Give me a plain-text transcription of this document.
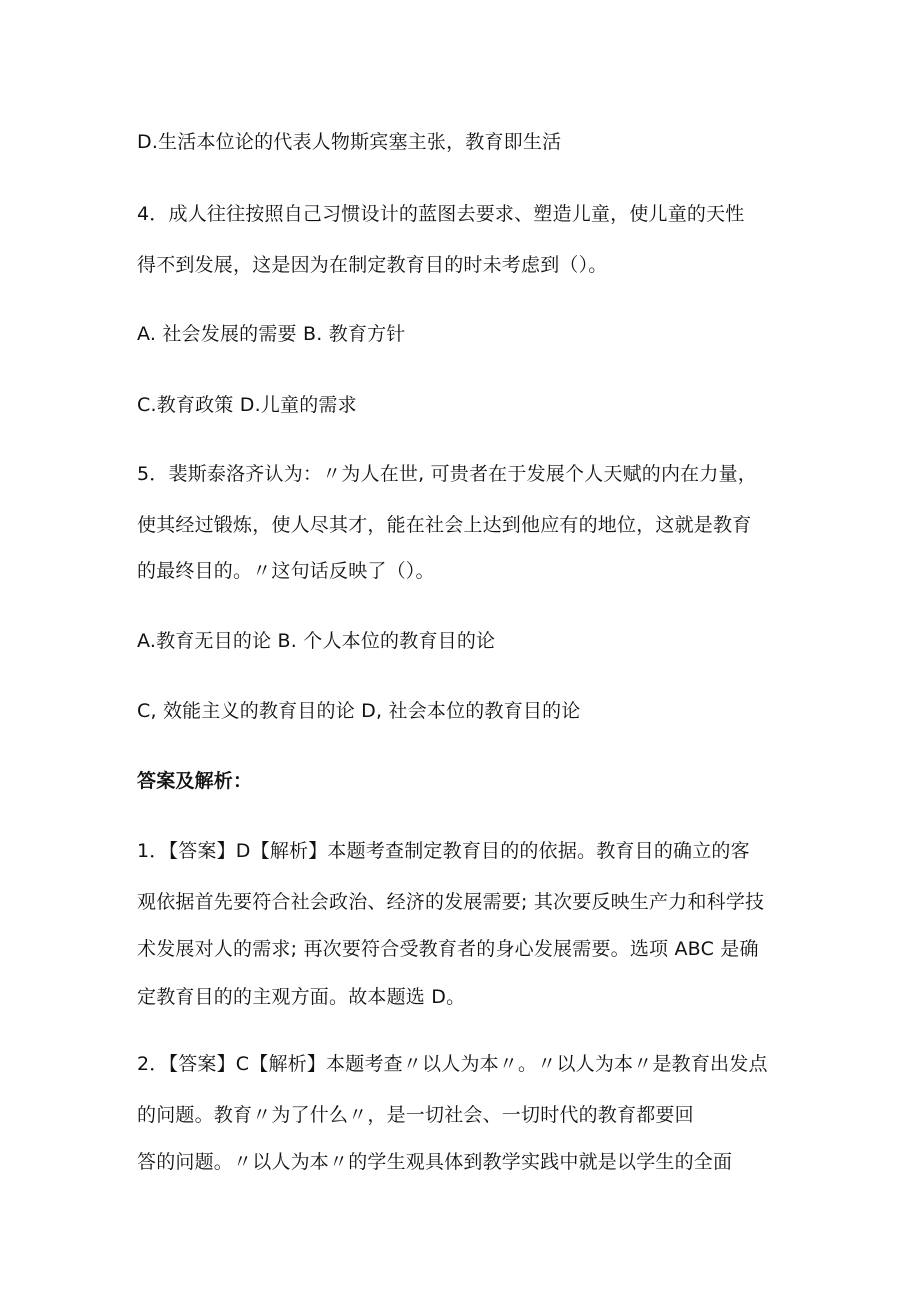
D.生活本位论的代表人物斯宾塞主张，教育即生活
4．成人往往按照自己习惯设计的蓝图去要求、塑造儿童，使儿童的天性
得不到发展，这是因为在制定教育目的时未考虑到（）。
A. 社会发展的需要 B. 教育方针
C.教育政策 D.儿童的需求
5．裴斯泰洛齐认为：〃为人在世, 可贵者在于发展个人天赋的内在力量，
使其经过锻炼，使人尽其才，能在社会上达到他应有的地位，这就是教育
的最终目的。〃这句话反映了（）。
A.教育无目的论 B. 个人本位的教育目的论
C, 效能主义的教育目的论 D, 社会本位的教育目的论
答案及解析：
1．【答案】D【解析】本题考查制定教育目的的依据。教育目的确立的客
观依据首先要符合社会政治、经济的发展需要; 其次要反映生产力和科学技
术发展对人的需求; 再次要符合受教育者的身心发展需要。选项 ABC 是确
定教育目的的主观方面。故本题选 D。
2．【答案】C【解析】本题考查〃以人为本〃。〃以人为本〃是教育出发点
的问题。教育〃为了什么〃，是一切社会、一切时代的教育都要回
答的问题。〃以人为本〃的学生观具体到教学实践中就是以学生的全面
